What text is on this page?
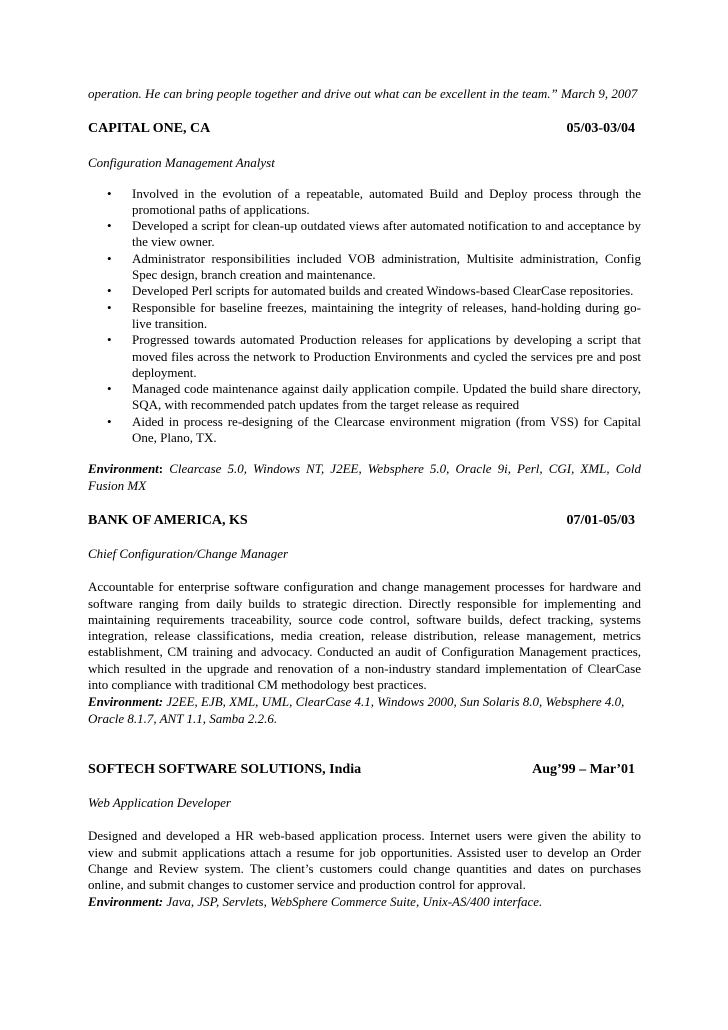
operation. He can bring people together and drive out what can be excellent in the team.” March 9, 2007

CAPITAL ONE, CA	05/03-03/04

Configuration Management Analyst

• Involved in the evolution of a repeatable, automated Build and Deploy process through the promotional paths of applications.
• Developed a script for clean-up outdated views after automated notification to and acceptance by the view owner.
• Administrator responsibilities included VOB administration, Multisite administration, Config Spec design, branch creation and maintenance.
• Developed Perl scripts for automated builds and created Windows-based ClearCase repositories.
• Responsible for baseline freezes, maintaining the integrity of releases, hand-holding during go-live transition.
• Progressed towards automated Production releases for applications by developing a script that moved files across the network to Production Environments and cycled the services pre and post deployment.
• Managed code maintenance against daily application compile. Updated the build share directory, SQA, with recommended patch updates from the target release as required
• Aided in process re-designing of the Clearcase environment migration (from VSS) for Capital One, Plano, TX.

Environment: Clearcase 5.0, Windows NT, J2EE, Websphere 5.0, Oracle 9i, Perl, CGI, XML, Cold Fusion MX

BANK OF AMERICA, KS	07/01-05/03

Chief Configuration/Change Manager

Accountable for enterprise software configuration and change management processes for hardware and software ranging from daily builds to strategic direction. Directly responsible for implementing and maintaining requirements traceability, source code control, software builds, defect tracking, systems integration, release classifications, media creation, release distribution, release management, metrics establishment, CM training and advocacy. Conducted an audit of Configuration Management practices, which resulted in the upgrade and renovation of a non-industry standard implementation of ClearCase into compliance with traditional CM methodology best practices.

Environment: J2EE, EJB, XML, UML, ClearCase 4.1, Windows 2000, Sun Solaris 8.0, Websphere 4.0, Oracle 8.1.7, ANT 1.1, Samba 2.2.6.

SOFTECH SOFTWARE SOLUTIONS, India	Aug’99 – Mar’01

Web Application Developer

Designed and developed a HR web-based application process. Internet users were given the ability to view and submit applications attach a resume for job opportunities. Assisted user to develop an Order Change and Review system. The client’s customers could change quantities and dates on purchases online, and submit changes to customer service and production control for approval.

Environment: Java, JSP, Servlets, WebSphere Commerce Suite, Unix-AS/400 interface.
